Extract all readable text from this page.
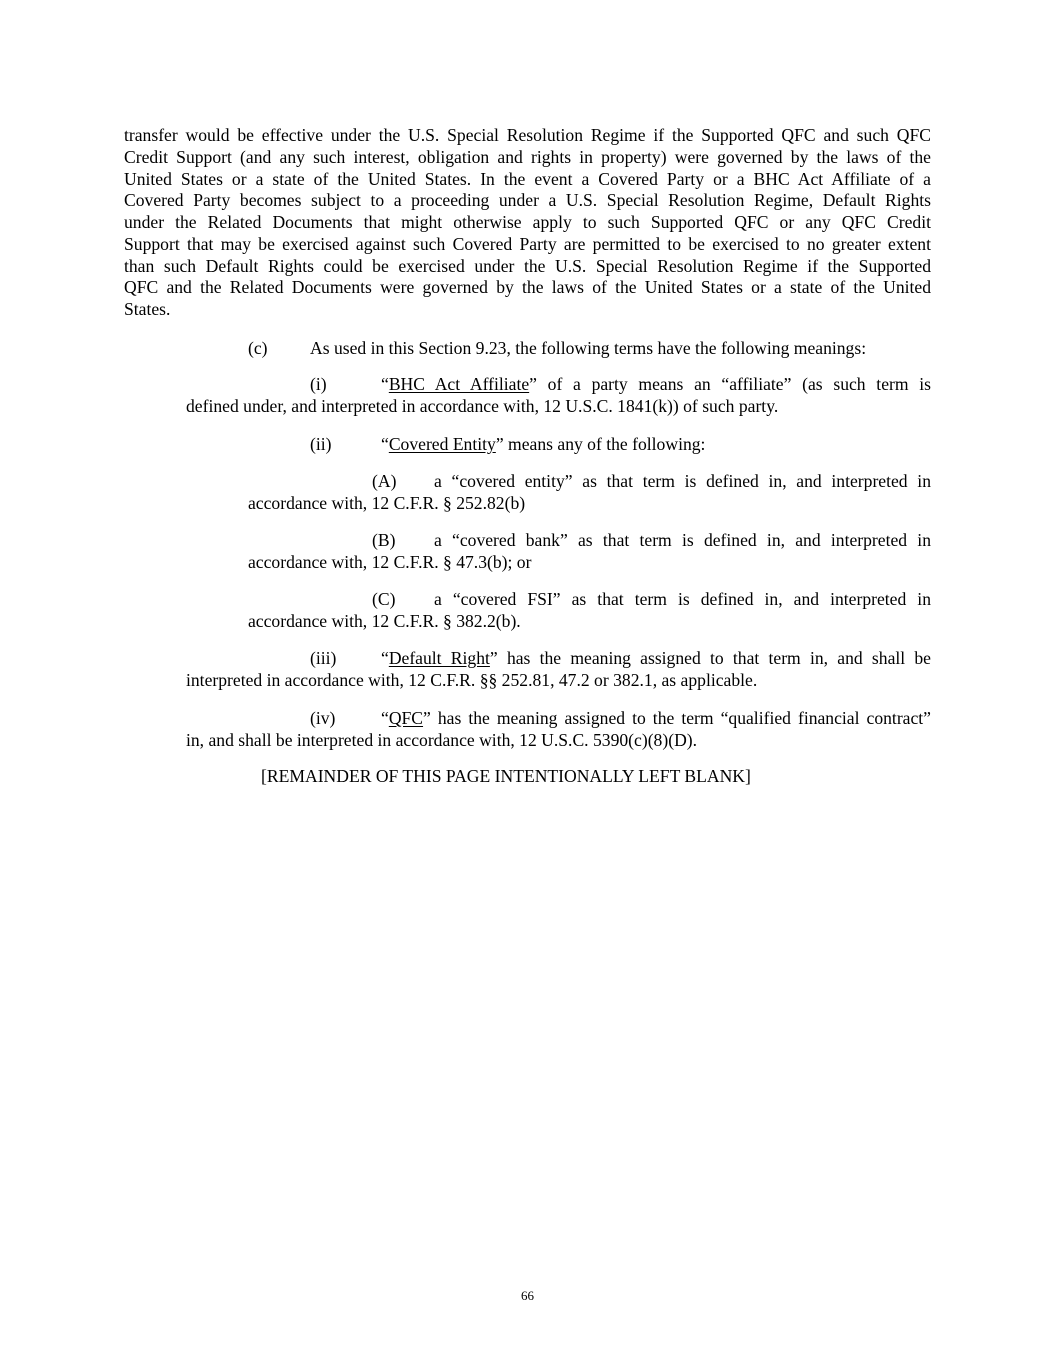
transfer would be effective under the U.S. Special Resolution Regime if the Supported QFC and such QFC
Credit Support (and any such interest, obligation and rights in property) were governed by the laws of the
United States or a state of the United States. In the event a Covered Party or a BHC Act Affiliate of a
Covered Party becomes subject to a proceeding under a U.S. Special Resolution Regime, Default Rights
under the Related Documents that might otherwise apply to such Supported QFC or any QFC Credit
Support that may be exercised against such Covered Party are permitted to be exercised to no greater extent
than such Default Rights could be exercised under the U.S. Special Resolution Regime if the Supported
QFC and the Related Documents were governed by the laws of the United States or a state of the United
States.
(c) As used in this Section 9.23, the following terms have the following meanings:
(i)	“BHC Act Affiliate” of a party means an “affiliate” (as such term is
defined under, and interpreted in accordance with, 12 U.S.C. 1841(k)) of such party.
(ii)	“Covered Entity” means any of the following:
(A) a “covered entity” as that term is defined in, and interpreted in
accordance with, 12 C.F.R. § 252.82(b)
(B) a “covered bank” as that term is defined in, and interpreted in
accordance with, 12 C.F.R. § 47.3(b); or
(C) a “covered FSI” as that term is defined in, and interpreted in
accordance with, 12 C.F.R. § 382.2(b).
(iii)	“Default Right” has the meaning assigned to that term in, and shall be
interpreted in accordance with, 12 C.F.R. §§ 252.81, 47.2 or 382.1, as applicable.
(iv)	“QFC” has the meaning assigned to the term “qualified financial contract”
in, and shall be interpreted in accordance with, 12 U.S.C. 5390(c)(8)(D).
[REMAINDER OF THIS PAGE INTENTIONALLY LEFT BLANK]
66
